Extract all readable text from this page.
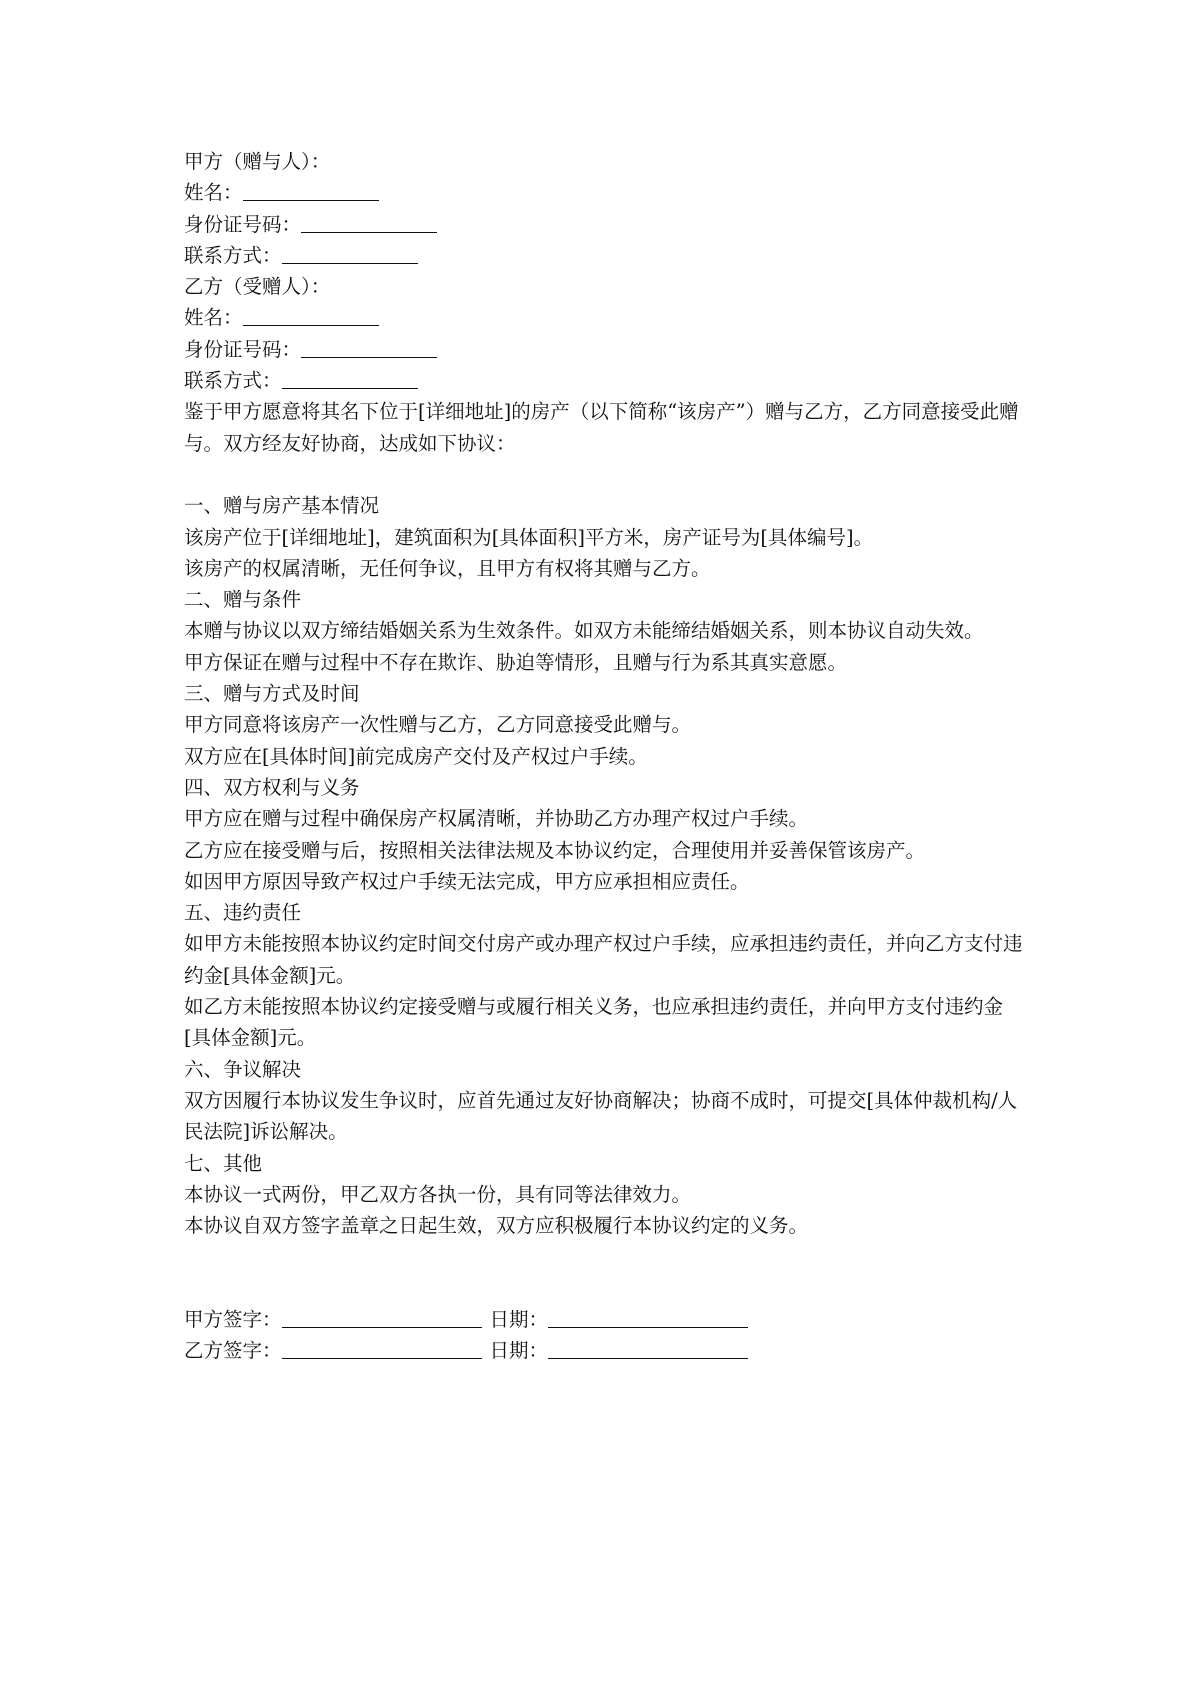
甲方（赠与人）：

姓名：

身份证号码：

联系方式：

乙方（受赠人）：

姓名：

身份证号码：

联系方式：

鉴于甲方愿意将其名下位于[详细地址]的房产（以下简称“该房产”）赠与乙方，乙方同意接受此赠与。双方经友好协商，达成如下协议：

一、赠与房产基本情况

该房产位于[详细地址]，建筑面积为[具体面积]平方米，房产证号为[具体编号]。

该房产的权属清晰，无任何争议，且甲方有权将其赠与乙方。

二、赠与条件

本赠与协议以双方缔结婚姻关系为生效条件。如双方未能缔结婚姻关系，则本协议自动失效。

甲方保证在赠与过程中不存在欺诈、胁迫等情形，且赠与行为系其真实意愿。

三、赠与方式及时间

甲方同意将该房产一次性赠与乙方，乙方同意接受此赠与。

双方应在[具体时间]前完成房产交付及产权过户手续。

四、双方权利与义务

甲方应在赠与过程中确保房产权属清晰，并协助乙方办理产权过户手续。

乙方应在接受赠与后，按照相关法律法规及本协议约定，合理使用并妥善保管该房产。

如因甲方原因导致产权过户手续无法完成，甲方应承担相应责任。

五、违约责任

如甲方未能按照本协议约定时间交付房产或办理产权过户手续，应承担违约责任，并向乙方支付违约金[具体金额]元。

如乙方未能按照本协议约定接受赠与或履行相关义务，也应承担违约责任，并向甲方支付违约金[具体金额]元。

六、争议解决

双方因履行本协议发生争议时，应首先通过友好协商解决；协商不成时，可提交[具体仲裁机构/人民法院]诉讼解决。

七、其他

本协议一式两份，甲乙双方各执一份，具有同等法律效力。

本协议自双方签字盖章之日起生效，双方应积极履行本协议约定的义务。

甲方签字：	日期：

乙方签字：	日期：
